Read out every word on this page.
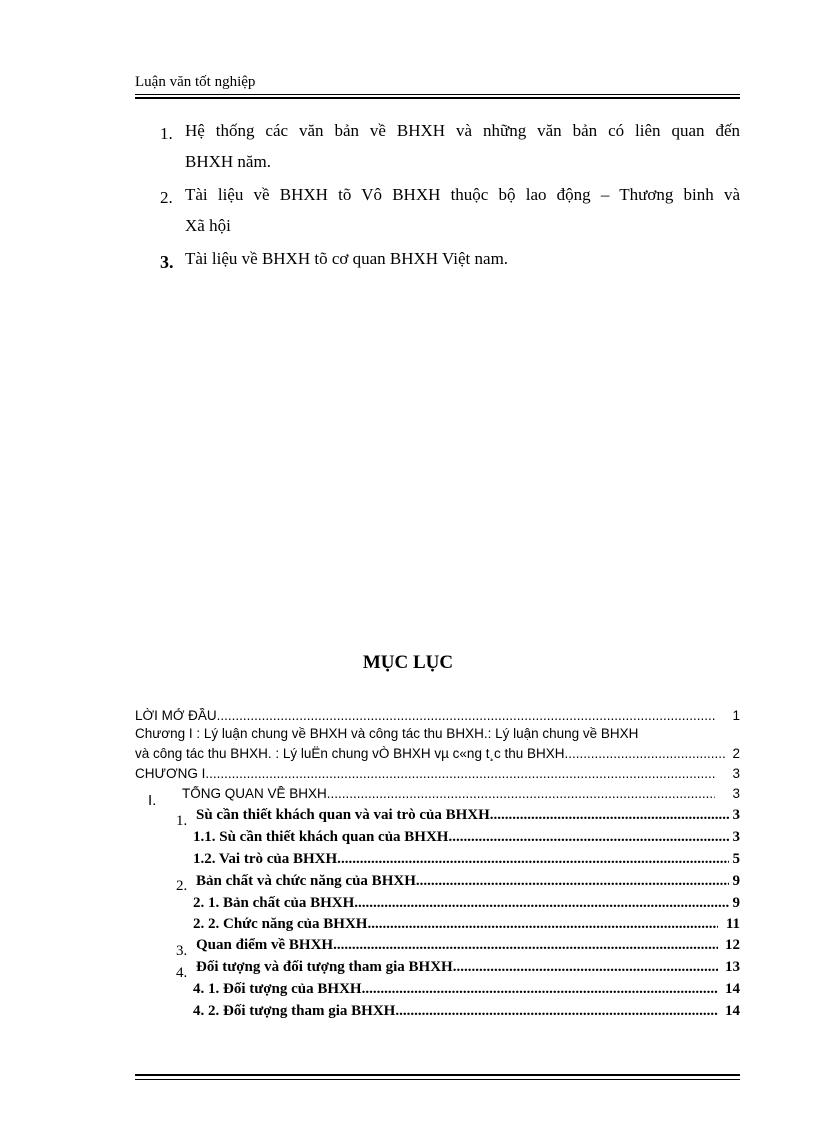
Luận văn tốt nghiệp
1. Hệ thống các văn bản về BHXH và những văn bản có liên quan đến
BHXH năm.
2. Tài liệu về BHXH tõ Vô BHXH thuộc bộ lao động – Thương binh và
Xã hội
3. Tài liệu về BHXH tõ cơ quan BHXH Việt nam.
MỤC LỤC
LỜI MỞ ĐẦU .....	1
Chương I : Lý luận chung về BHXH và công tác thu BHXH.: Lý luận chung về BHXH
và công tác thu BHXH. : Lý luËn chung vÒ BHXH vµ c«ng t¸c thu BHXH. .....	2
CHƯƠNG I .....	3
I. TỔNG QUAN VỀ BHXH .....	3
1. Sù cần thiết khách quan và vai trò của BHXH .....	3
1.1. Sù cần thiết khách quan của BHXH .....	3
1.2. Vai trò của BHXH. .....	5
2. Bản chất và chức năng của BHXH .....	9
2. 1. Bản chất của BHXH. .....	9
2. 2. Chức năng của BHXH. .....	11
3. Quan điểm về BHXH .....	12
4. Đối tượng và đối tượng tham gia BHXH. .....	13
4. 1. Đối tượng của BHXH. .....	14
4. 2. Đối tượng tham gia BHXH. .....	14
